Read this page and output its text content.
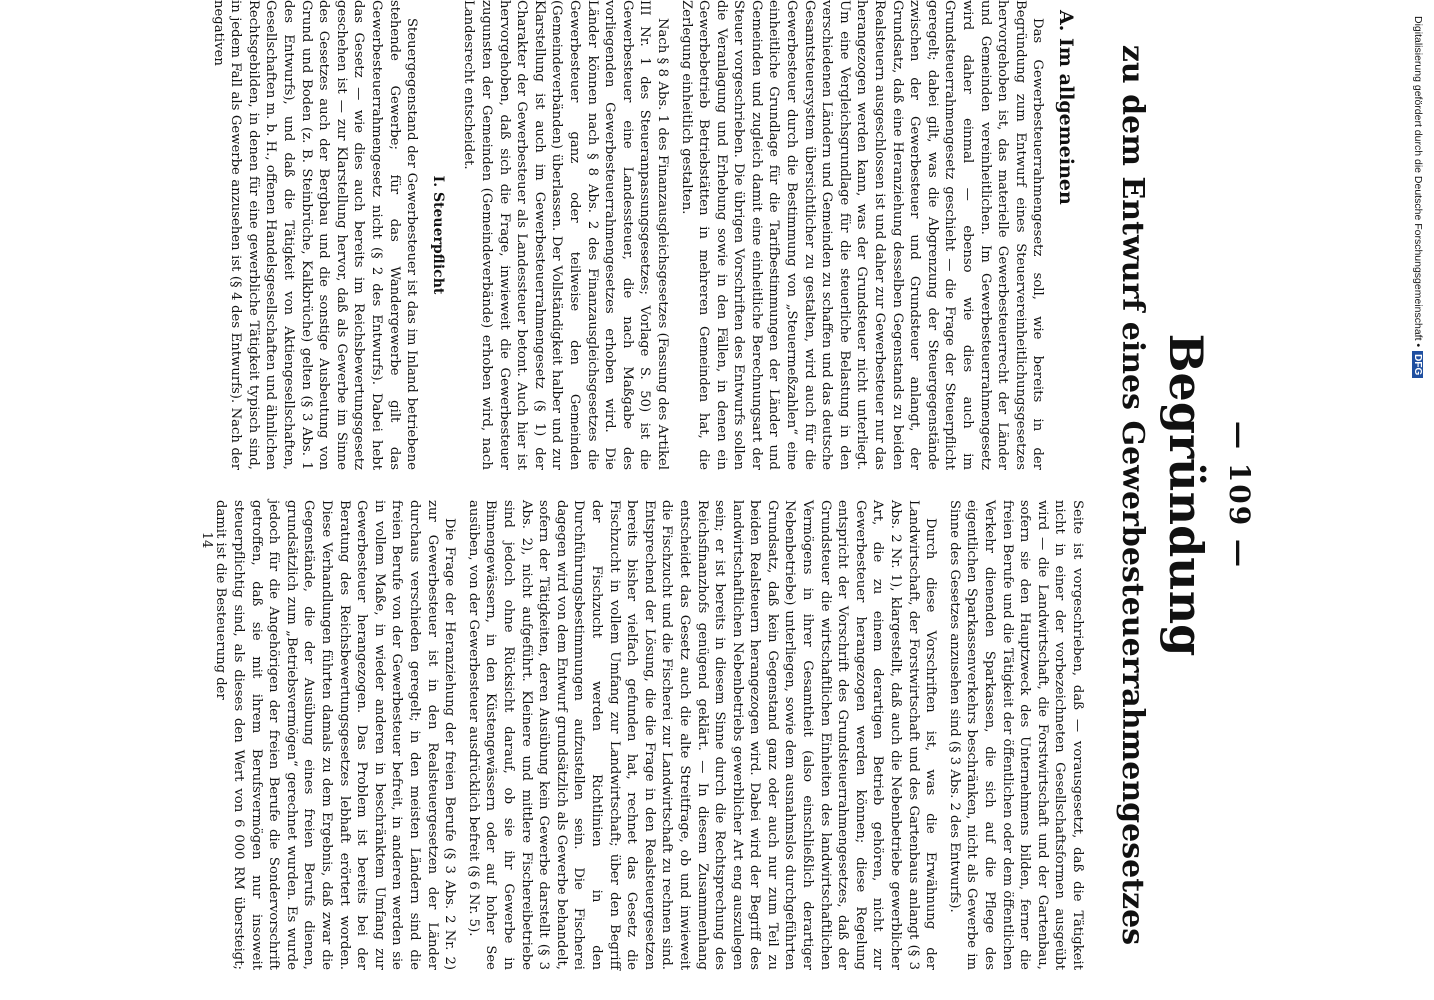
— 109 —
Begründung
zu dem Entwurf eines Gewerbesteuerrahmengesetzes
A. Im allgemeinen

Das Gewerbesteuerrahmengesetz soll, wie bereits in der Begründung zum Entwurf eines Steuervereinheitlichungsgesetzes hervorgehoben ist, das materielle Gewerbesteuerrecht der Länder und Gemeinden vereinheitlichen. Im Gewerbesteuerrahmengesetz wird daher einmal — ebenso wie dies auch im Grundsteuerrahmengesetz geschieht — die Frage der Steuerpflicht geregelt; dabei gilt, was die Abgrenzung der Steuergegenstände zwischen der Gewerbesteuer und Grundsteuer anlangt, der Grundsatz, daß eine Heranziehung desselben Gegenstands zu beiden Realsteuern ausgeschlossen ist und daher zur Gewerbesteuer nur das herangezogen werden kann, was der Grundsteuer nicht unterliegt. Um eine Vergleichsgrundlage für die steuerliche Belastung in den verschiedenen Ländern und Gemeinden zu schaffen und das deutsche Gesamtsteuersystem übersichtlicher zu gestalten, wird auch für die Gewerbesteuer durch die Bestimmung von „Steuermeßzahlen“ eine einheitliche Grundlage für die Tarifbestimmungen der Länder und Gemeinden und zugleich damit eine einheitliche Berechnungsart der Steuer vorgeschrieben. Die übrigen Vorschriften des Entwurfs sollen die Veranlagung und Erhebung sowie in den Fällen, in denen ein Gewerbebetrieb Betriebstätten in mehreren Gemeinden hat, die Zerlegung einheitlich gestalten.

Nach § 8 Abs. 1 des Finanzausgleichsgesetzes (Fassung des Artikel III Nr. 1 des Steueranpassungsgesetzes; Vorlage S. 50) ist die Gewerbesteuer eine Landessteuer, die nach Maßgabe des vorliegenden Gewerbesteuerrahmengesetzes erhoben wird. Die Länder können nach § 8 Abs. 2 des Finanzausgleichsgesetzes die Gewerbesteuer ganz oder teilweise den Gemeinden (Gemeindeverbänden) überlassen. Der Vollständigkeit halber und zur Klarstellung ist auch im Gewerbesteuerrahmengesetz (§ 1) der Charakter der Gewerbesteuer als Landessteuer betont. Auch hier ist hervorgehoben, daß sich die Frage, inwieweit die Gewerbesteuer zugunsten der Gemeinden (Gemeindeverbände) erhoben wird, nach Landesrecht entscheidet.

I. Steuerpflicht

Steuergegenstand der Gewerbesteuer ist das im Inland betriebene stehende Gewerbe; für das Wandergewerbe gilt das Gewerbesteuerrahmengesetz nicht (§ 2 des Entwurfs). Dabei hebt das Gesetz — wie dies auch bereits im Reichsbewertungsgesetz geschehen ist — zur Klarstellung hervor, daß als Gewerbe im Sinne des Gesetzes auch der Bergbau und die sonstige Ausbeutung von Grund und Boden (z. B. Steinbrüche, Kalkbrüche) gelten (§ 3 Abs. 1 des Entwurfs), und daß die Tätigkeit von Aktiengesellschaften, Gesellschaften m. b. H., offenen Handelsgesellschaften und ähnlichen Rechtsgebilden, in denen für eine gewerbliche Tätigkeit typisch sind, in jedem Fall als Gewerbe anzusehen ist (§ 4 des Entwurfs). Nach der negativen

Seite ist vorgeschrieben, daß — vorausgesetzt, daß die Tätigkeit nicht in einer der vorbezeichneten Gesellschaftsformen ausgeübt wird — die Landwirtschaft, die Forstwirtschaft und der Gartenbau, sofern sie den Hauptzweck des Unternehmens bilden, ferner die freien Berufe und die Tätigkeit der öffentlichen oder dem öffentlichen Verkehr dienenden Sparkassen, die sich auf die Pflege des eigentlichen Sparkassenverkehrs beschränken, nicht als Gewerbe im Sinne des Gesetzes anzusehen sind (§ 3 Abs. 2 des Entwurfs).

Durch diese Vorschriften ist, was die Erwähnung der Landwirtschaft, der Forstwirtschaft und des Gartenbaus anlangt (§ 3 Abs. 2 Nr. 1), klargestellt, daß auch die Nebenbetriebe gewerblicher Art, die zu einem derartigen Betrieb gehören, nicht zur Gewerbesteuer herangezogen werden können; diese Regelung entspricht der Vorschrift des Grundsteuerrahmengesetzes, daß der Grundsteuer die wirtschaftlichen Einheiten des landwirtschaftlichen Vermögens in ihrer Gesamtheit (also einschließlich derartiger Nebenbetriebe) unterliegen, sowie dem ausnahmslos durchgeführten Grundsatz, daß kein Gegenstand ganz oder auch nur zum Teil zu beiden Realsteuern herangezogen wird. Dabei wird der Begriff des landwirtschaftlichen Nebenbetriebs gewerblicher Art eng auszulegen sein; er ist bereits in diesem Sinne durch die Rechtsprechung des Reichsfinanzhofs genügend geklärt. — In diesem Zusammenhang entscheidet das Gesetz auch die alte Streitfrage, ob und inwieweit die Fischzucht und die Fischerei zur Landwirtschaft zu rechnen sind. Entsprechend der Lösung, die die Frage in den Realsteuergesetzen bereits bisher vielfach gefunden hat, rechnet das Gesetz die Fischzucht in vollem Umfang zur Landwirtschaft; über den Begriff der Fischzucht werden Richtlinien in den Durchführungsbestimmungen aufzustellen sein. Die Fischerei dagegen wird von dem Entwurf grundsätzlich als Gewerbe behandelt, sofern der Tätigkeiten, deren Ausübung kein Gewerbe darstellt (§ 3 Abs. 2), nicht aufgeführt. Kleinere und mittlere Fischereibetriebe sind jedoch ohne Rücksicht darauf, ob sie ihr Gewerbe in Binnengewässern, in den Küstengewässern oder auf hoher See ausüben, von der Gewerbesteuer ausdrücklich befreit (§ 6 Nr. 5).

Die Frage der Heranziehung der freien Berufe (§ 3 Abs. 2 Nr. 2) zur Gewerbesteuer ist in den Realsteuergesetzen der Länder durchaus verschieden geregelt; in den meisten Ländern sind die freien Berufe von der Gewerbesteuer befreit, in anderen werden sie in vollem Maße, in wieder anderen in beschränktem Umfang zur Gewerbesteuer herangezogen. Das Problem ist bereits bei der Beratung des Reichsbewertungsgesetzes lebhaft erörtert worden. Diese Verhandlungen führten damals zu dem Ergebnis, daß zwar die Gegenstände, die der Ausübung eines freien Berufs dienen, grundsätzlich zum „Betriebsvermögen“ gerechnet wurden. Es wurde jedoch für die Angehörigen der freien Berufe die Sondervorschrift getroffen, daß sie mit ihrem Berufsvermögen nur insoweit steuerpflichtig sind, als dieses den Wert von 6 000 RM übersteigt; damit ist die Besteuerung der

14
Digitalisierung gefördert durch die Deutsche Forschungsgemeinschaft •DFG
